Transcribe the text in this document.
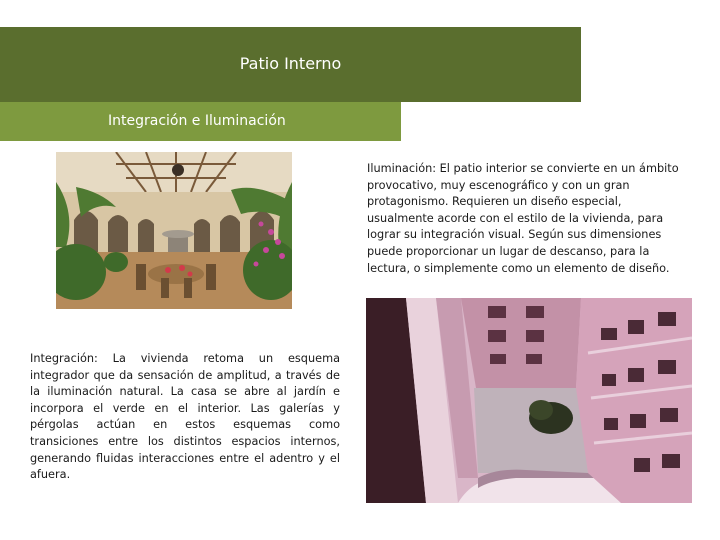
Patio Interno
Integración e Iluminación
Iluminación: El patio interior se convierte en un ámbito provocativo, muy escenográfico y con un gran protagonismo. Requieren un diseño especial, usualmente acorde con el estilo de la vivienda, para lograr su integración visual. Según sus dimensiones puede proporcionar un lugar de descanso, para la lectura, o simplemente como un elemento de diseño.
Integración: La vivienda retoma un esquema integrador que da sensación de amplitud, a través de la iluminación natural. La casa se abre al jardín e incorpora el verde en el interior. Las galerías y pérgolas actúan en estos esquemas como transiciones entre los distintos espacios internos, generando fluidas interacciones entre el adentro y el afuera.
